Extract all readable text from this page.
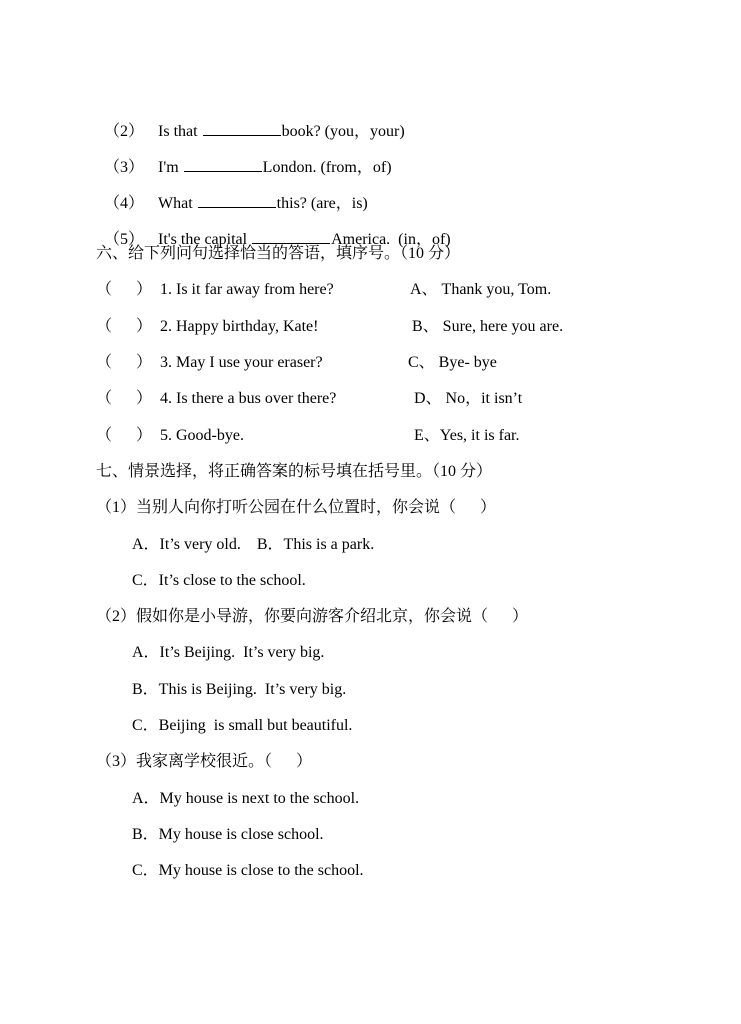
（2） Is that	book? (you，your)

（3） I'm	London. (from，of)

（4） What	this? (are，is)

（5） It's the capital	America.  (in，of)

六、给下列问句选择恰当的答语，填序号。（10 分）
（      ） 1. Is it far away from here?	A、 Thank you, Tom.
（      ） 2. Happy birthday, Kate!	B、 Sure, here you are.
（      ） 3. May I use your eraser?	C、 Bye- bye
（      ） 4. Is there a bus over there?	D、 No，it isn’t
（      ） 5. Good-bye.	E、Yes, it is far.
七、情景选择，将正确答案的标号填在括号里。（10 分）
（1）当别人向你打听公园在什么位置时，你会说（      ）
A．It’s very old.    B．This is a park.
C．It’s close to the school.
（2）假如你是小导游，你要向游客介绍北京，你会说（      ）
A．It’s Beijing.  It’s very big.
B．This is Beijing.  It’s very big.
C．Beijing  is small but beautiful.
（3）我家离学校很近。（      ）
A．My house is next to the school.
B．My house is close school.
C．My house is close to the school.
